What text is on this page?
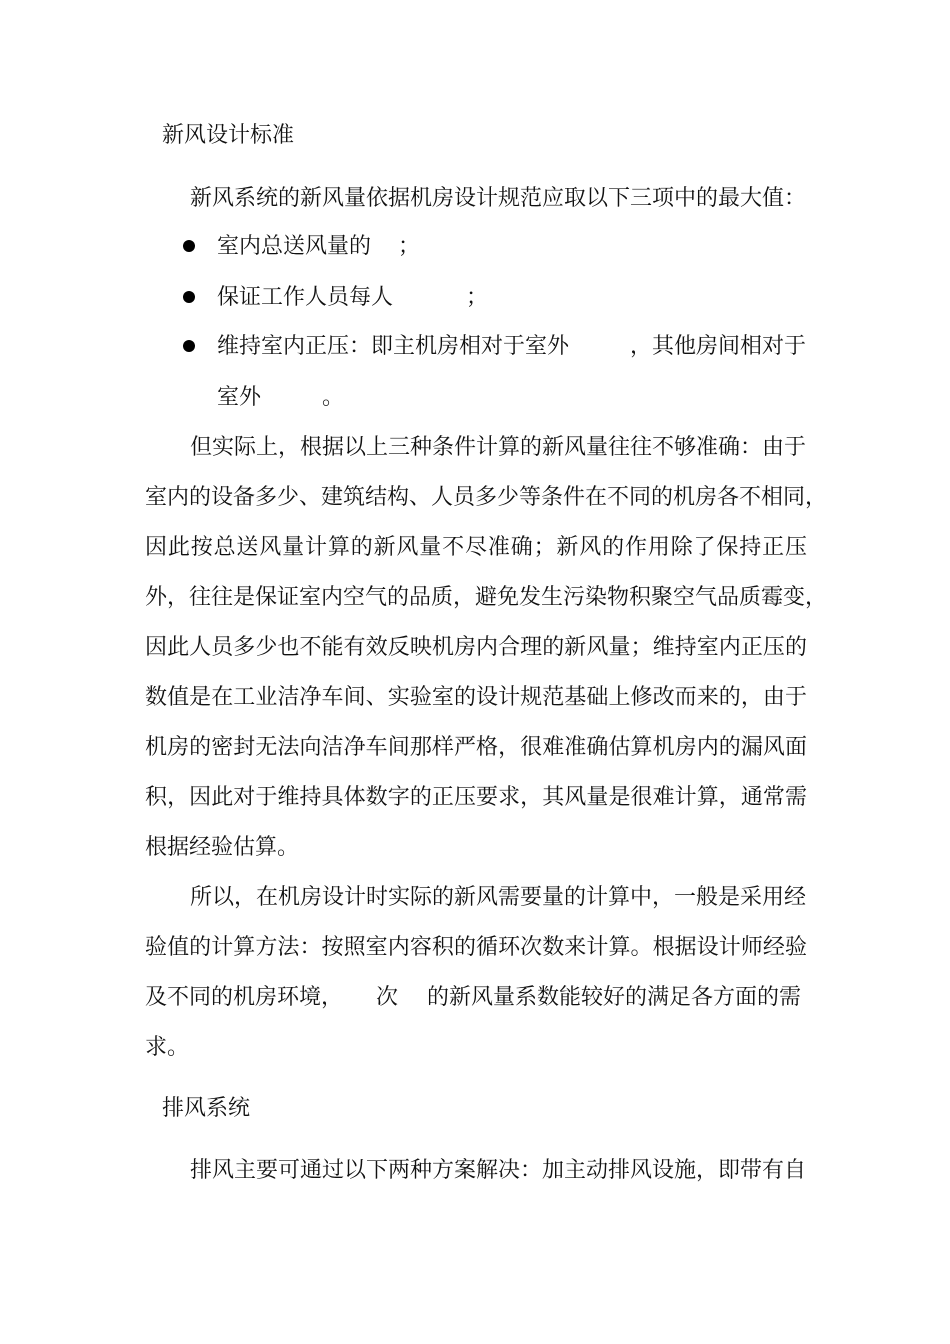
新风设计标准
新风系统的新风量依据机房设计规范应取以下三项中的最大值：
室内总送风量的 ；
保证工作人员每人	；
维持室内正压：即主机房相对于室外	，其他房间相对于
室外	。
但实际上，根据以上三种条件计算的新风量往往不够准确：由于
室内的设备多少、建筑结构、人员多少等条件在不同的机房各不相同，
因此按总送风量计算的新风量不尽准确；新风的作用除了保持正压
外，往往是保证室内空气的品质，避免发生污染物积聚空气品质霉变，
因此人员多少也不能有效反映机房内合理的新风量；维持室内正压的
数值是在工业洁净车间、实验室的设计规范基础上修改而来的，由于
机房的密封无法向洁净车间那样严格，很难准确估算机房内的漏风面
积，因此对于维持具体数字的正压要求，其风量是很难计算，通常需
根据经验估算。
所以，在机房设计时实际的新风需要量的计算中，一般是采用经
验值的计算方法：按照室内容积的循环次数来计算。根据设计师经验
及不同的机房环境， 次 的新风量系数能较好的满足各方面的需
求。
排风系统
排风主要可通过以下两种方案解决：加主动排风设施，即带有自
